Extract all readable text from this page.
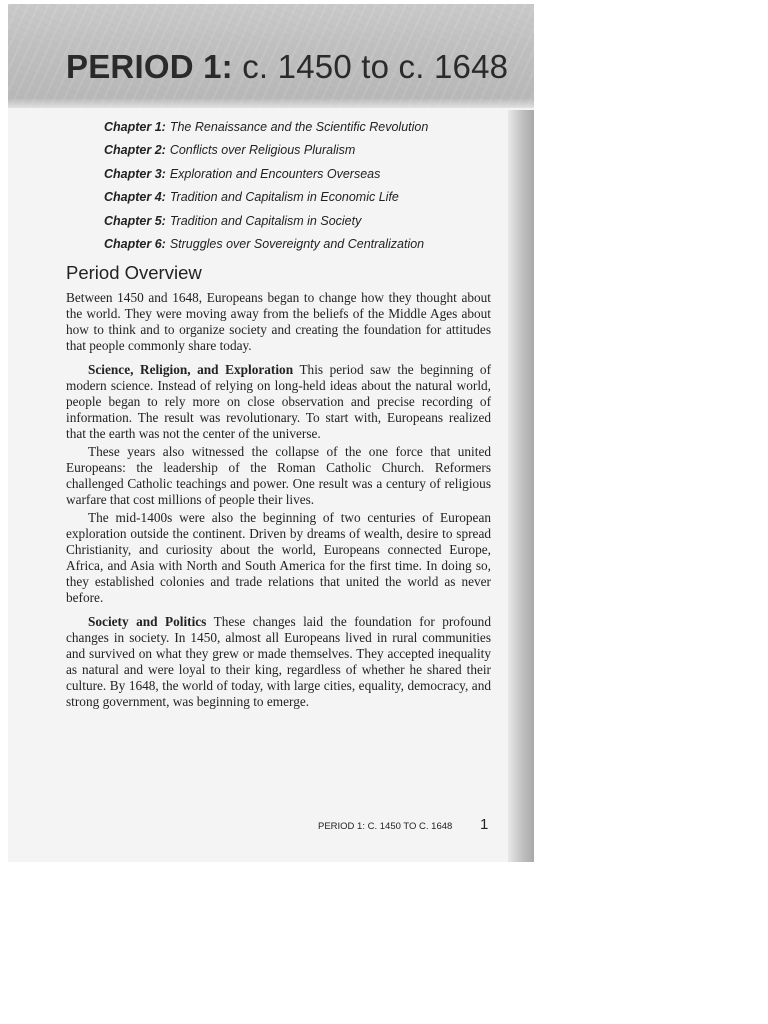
PERIOD 1: c. 1450 to c. 1648
Chapter 1: The Renaissance and the Scientific Revolution
Chapter 2: Conflicts over Religious Pluralism
Chapter 3: Exploration and Encounters Overseas
Chapter 4: Tradition and Capitalism in Economic Life
Chapter 5: Tradition and Capitalism in Society
Chapter 6: Struggles over Sovereignty and Centralization
Period Overview

Between 1450 and 1648, Europeans began to change how they thought about the world. They were moving away from the beliefs of the Middle Ages about how to think and to organize society and creating the foundation for attitudes that people commonly share today.

Science, Religion, and Exploration This period saw the beginning of modern science. Instead of relying on long-held ideas about the natural world, people began to rely more on close observation and precise recording of information. The result was revolutionary. To start with, Europeans realized that the earth was not the center of the universe.

These years also witnessed the collapse of the one force that united Europeans: the leadership of the Roman Catholic Church. Reformers challenged Catholic teachings and power. One result was a century of religious warfare that cost millions of people their lives.

The mid-1400s were also the beginning of two centuries of European exploration outside the continent. Driven by dreams of wealth, desire to spread Christianity, and curiosity about the world, Europeans connected Europe, Africa, and Asia with North and South America for the first time. In doing so, they established colonies and trade relations that united the world as never before.

Society and Politics These changes laid the foundation for profound changes in society. In 1450, almost all Europeans lived in rural communities and survived on what they grew or made themselves. They accepted inequality as natural and were loyal to their king, regardless of whether he shared their culture. By 1648, the world of today, with large cities, equality, democracy, and strong government, was beginning to emerge.

PERIOD 1: C. 1450 TO C. 1648 1
